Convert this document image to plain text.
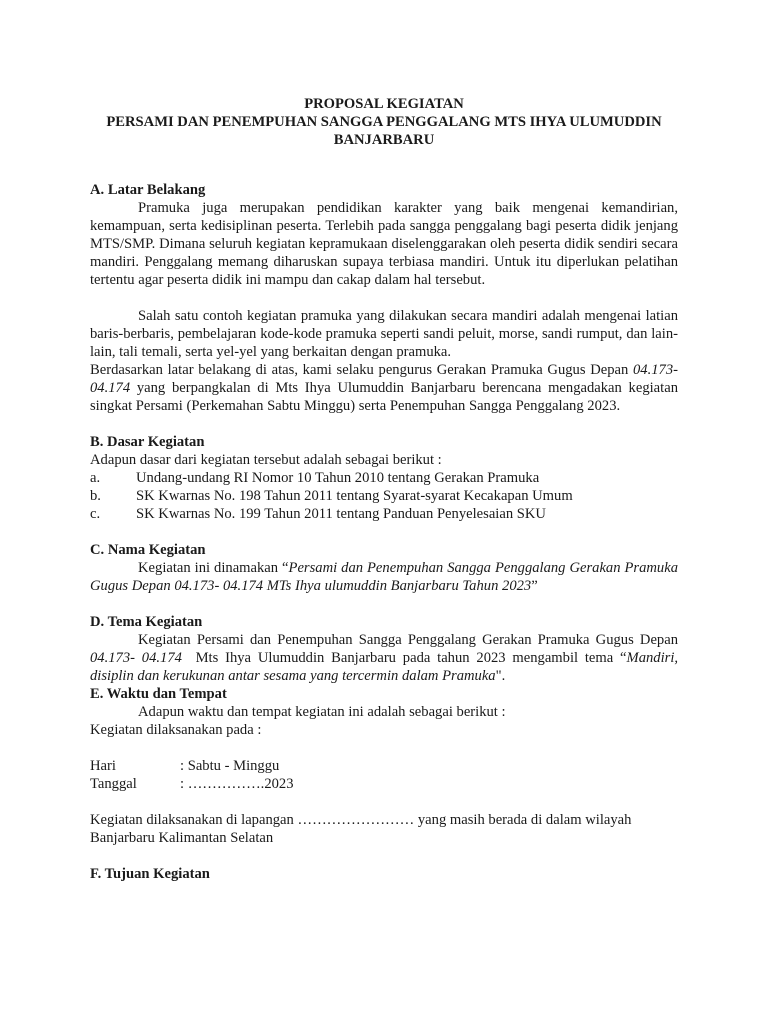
PROPOSAL KEGIATAN
PERSAMI DAN PENEMPUHAN SANGGA PENGGALANG MTS IHYA ULUMUDDIN
BANJARBARU
A. Latar Belakang

Pramuka juga merupakan pendidikan karakter yang baik mengenai kemandirian, kemampuan, serta kedisiplinan peserta. Terlebih pada sangga penggalang bagi peserta didik jenjang MTS/SMP. Dimana seluruh kegiatan kepramukaan diselenggarakan oleh peserta didik sendiri secara mandiri. Penggalang memang diharuskan supaya terbiasa mandiri. Untuk itu diperlukan pelatihan tertentu agar peserta didik ini mampu dan cakap dalam hal tersebut.

Salah satu contoh kegiatan pramuka yang dilakukan secara mandiri adalah mengenai latian baris-berbaris, pembelajaran kode-kode pramuka seperti sandi peluit, morse, sandi rumput, dan lain-lain, tali temali, serta yel-yel yang berkaitan dengan pramuka.

Berdasarkan latar belakang di atas, kami selaku pengurus Gerakan Pramuka Gugus Depan 04.173- 04.174 yang berpangkalan di Mts Ihya Ulumuddin Banjarbaru berencana mengadakan kegiatan singkat Persami (Perkemahan Sabtu Minggu) serta Penempuhan Sangga Penggalang 2023.

B. Dasar Kegiatan

Adapun dasar dari kegiatan tersebut adalah sebagai berikut :

a.	Undang-undang RI Nomor 10 Tahun 2010 tentang Gerakan Pramuka
b.	SK Kwarnas No. 198 Tahun 2011 tentang Syarat-syarat Kecakapan Umum
c.	SK Kwarnas No. 199 Tahun 2011 tentang Panduan Penyelesaian SKU
C. Nama Kegiatan

Kegiatan ini dinamakan “Persami dan Penempuhan Sangga Penggalang Gerakan Pramuka Gugus Depan 04.173- 04.174 MTs Ihya ulumuddin Banjarbaru Tahun 2023”

D. Tema Kegiatan

Kegiatan Persami dan Penempuhan Sangga Penggalang Gerakan Pramuka Gugus Depan 04.173- 04.174  Mts Ihya Ulumuddin Banjarbaru pada tahun 2023 mengambil tema “Mandiri, disiplin dan kerukunan antar sesama yang tercermin dalam Pramuka".

E. Waktu dan Tempat

Adapun waktu dan tempat kegiatan ini adalah sebagai berikut :

Kegiatan dilaksanakan pada :

Hari	: Sabtu - Minggu
Tanggal	: …………….2023

Kegiatan dilaksanakan di lapangan …………………… yang masih berada di dalam wilayah Banjarbaru Kalimantan Selatan

F. Tujuan Kegiatan
